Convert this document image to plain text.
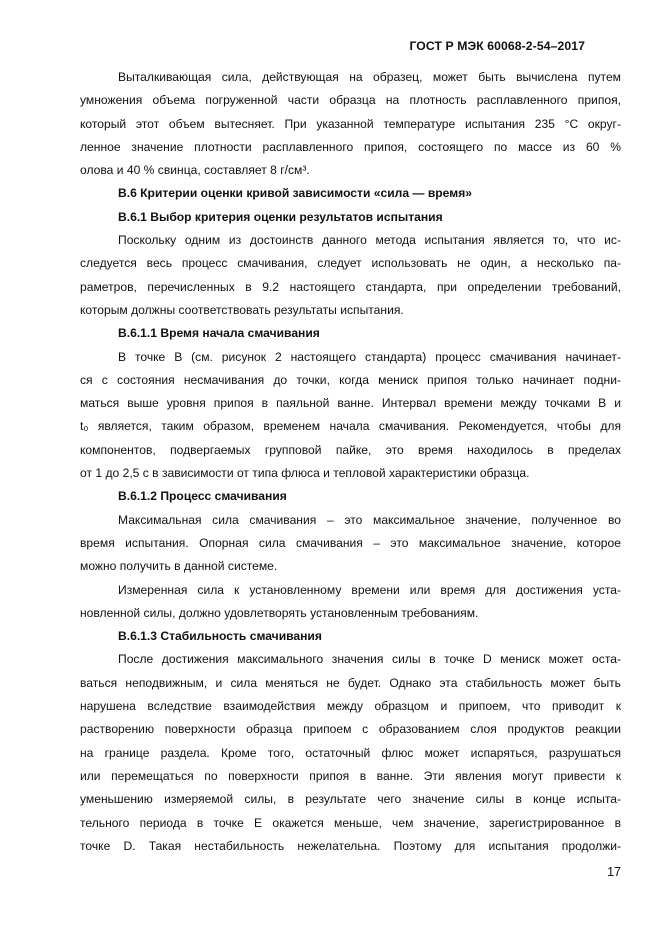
ГОСТ Р МЭК 60068-2-54–2017
Выталкивающая сила, действующая на образец, может быть вычислена путем
умножения объема погруженной части образца на плотность расплавленного припоя,
который этот объем вытесняет. При указанной температуре испытания 235 °С округ-
ленное значение плотности расплавленного припоя, состоящего по массе из 60 %
олова и 40 % свинца, составляет 8 г/см³.
В.6 Критерии оценки кривой зависимости «сила — время»
В.6.1 Выбор критерия оценки результатов испытания
Поскольку одним из достоинств данного метода испытания является то, что ис-
следуется весь процесс смачивания, следует использовать не один, а несколько па-
раметров, перечисленных в 9.2 настоящего стандарта, при определении требований,
которым должны соответствовать результаты испытания.
В.6.1.1 Время начала смачивания
В точке B (см. рисунок 2 настоящего стандарта) процесс смачивания начинает-
ся с состояния несмачивания до точки, когда мениск припоя только начинает подни-
маться выше уровня припоя в паяльной ванне. Интервал времени между точками B и
t₀ является, таким образом, временем начала смачивания. Рекомендуется, чтобы для
компонентов, подвергаемых групповой пайке, это время находилось в пределах
от 1 до 2,5 с в зависимости от типа флюса и тепловой характеристики образца.
В.6.1.2 Процесс смачивания
Максимальная сила смачивания – это максимальное значение, полученное во
время испытания. Опорная сила смачивания – это максимальное значение, которое
можно получить в данной системе.
Измеренная сила к установленному времени или время для достижения уста-
новленной силы, должно удовлетворять установленным требованиям.
В.6.1.3 Стабильность смачивания
После достижения максимального значения силы в точке D мениск может оста-
ваться неподвижным, и сила меняться не будет. Однако эта стабильность может быть
нарушена вследствие взаимодействия между образцом и припоем, что приводит к
растворению поверхности образца припоем с образованием слоя продуктов реакции
на границе раздела. Кроме того, остаточный флюс может испаряться, разрушаться
или перемещаться по поверхности припоя в ванне. Эти явления могут привести к
уменьшению измеряемой силы, в результате чего значение силы в конце испыта-
тельного периода в точке E окажется меньше, чем значение, зарегистрированное в
точке D. Такая нестабильность нежелательна. Поэтому для испытания продолжи-
17
